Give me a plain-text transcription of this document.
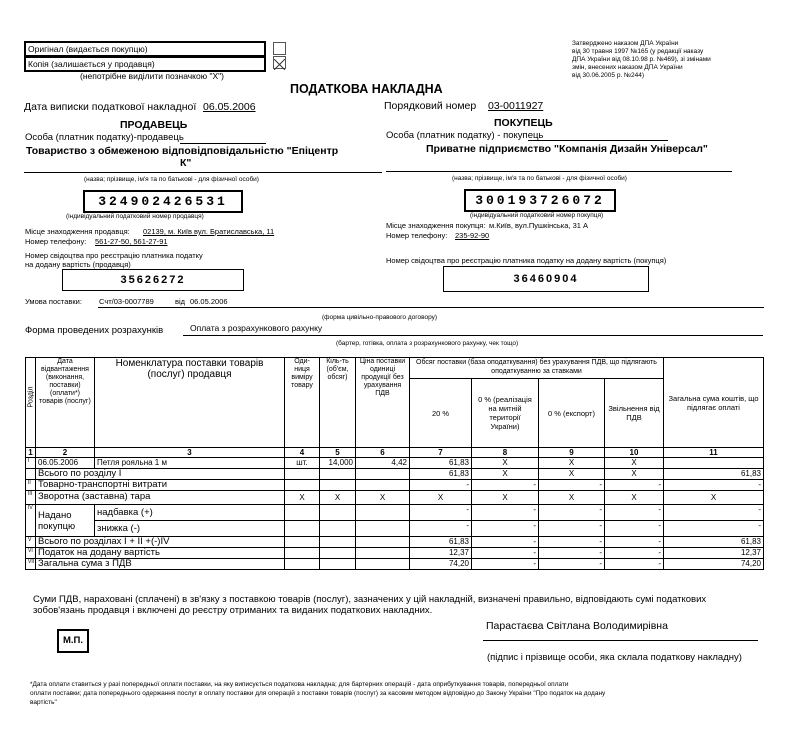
Оригінал (видається покупцю)
Копія (залишається у продавця)
(непотрібне виділити позначкою "Х")
Затверджено наказом ДПА України
від 30 травня 1997 №165 (у редакції наказу
ДПА України від 08.10.98 р. №469), зі змінами
змін, внесених наказом ДПА України
від 30.06.2005 р. №244)
ПОДАТКОВА НАКЛАДНА
Дата виписки податкової накладної 06.05.2006	Порядковий номер 03-0011927
ПРОДАВЕЦЬ
Особа (платник податку)-продавець
Товариство з обмеженою відповідповідальністю "Епіцентр
К"
(назва; прізвище, ім'я та по батькові - для фізичної особи)
324902426531
(індивідуальний податковий номер продавця)
Місце знаходження продавця: 02139, м. Київ вул. Братиславська, 11
Номер телефону: 561-27-50, 561-27-91
Номер свідоцтва про реєстрацію платника податку
на додану вартість (продавця)
35626272
ПОКУПЕЦЬ
Особа (платник податку) - покупець
Приватне підприємство "Компанія Дизайн Універсал"
(назва; прізвище, ім'я та по батькові - для фізичної особи)
300193726072
(індивідуальний податковий номер покупця)
Місце знаходження покупця: м.Київ, вул.Пушкінська, 31 А
Номер телефону: 235-92-90
Номер свідоцтва про реєстрацію платника податку на додану вартість (покупця)
36460904
Умова поставки: Счт/03-0007789	від 06.05.2006
(форма цивільно-правового договору)
Форма проведених розрахунків	Оплата з розрахункового рахунку
(бартер, готівка, оплата з розрахункового рахунку, чек тощо)
Розділ	Дата відвантаження (виконання, поставки) (оплати*) товарів (послуг)	Номенклатура поставки товарів (послуг) продавця	Оди-ниця виміру товару	Кіль-ть (об'єм, обсяг)	Ціна поставки одиниці продукції без урахування ПДВ	Обсяг поставки (база оподаткування) без урахування ПДВ, що підлягають оподаткуванню за ставками				Загальна сума коштів, що підлягає оплаті
						20 %	0 % (реалізація на митній території України)	0 % (експорт)	Звільнення від ПДВ	
1	2	3	4	5	6	7	8	9	10	11
I	06.05.2006	Петля рояльна 1 м	шт.	14,000	4,42	61,83	X	X	X	
	Всього по розділу І					61,83	X	X	X	61,83
II	Товарно-транспортні витрати					-	-	-	-	-
III	Зворотна (заставна) тара		X	X	X	X	X	X	X	X
IV	Надано покупцю	надбавка (+)				-	-	-	-	-
		знижка (-)				-	-	-	-	-
V	Всього по розділах І + ІІ +(-)ІV					61,83	-	-	-	61,83
VI	Податок на додану вартість					12,37	-	-	-	12,37
VII	Загальна сума з ПДВ					74,20	-	-	-	74,20
Суми ПДВ, нараховані (сплачені) в зв'язку з поставкою товарів (послуг), зазначених у цій накладній, визначені правильно, відповідають сумі податкових
зобов'язань продавця і включені до реєстру отриманих та виданих податкових накладних.
М.П.
Парастаєва Світлана Володимирівна
(підпис і прізвище особи, яка склала податкову накладну)
*Дата оплати ставиться у разі попередньої оплати поставки, на яку виписується податкова накладна; для бартерних операцій - дата оприбуткування товарів, попередньої оплати
оплати поставки; дата попереднього одержання послуг в оплату поставки для операцій з поставки товарів (послуг) за касовим методом відповідно до Закону України "Про податок на додану
вартість"
